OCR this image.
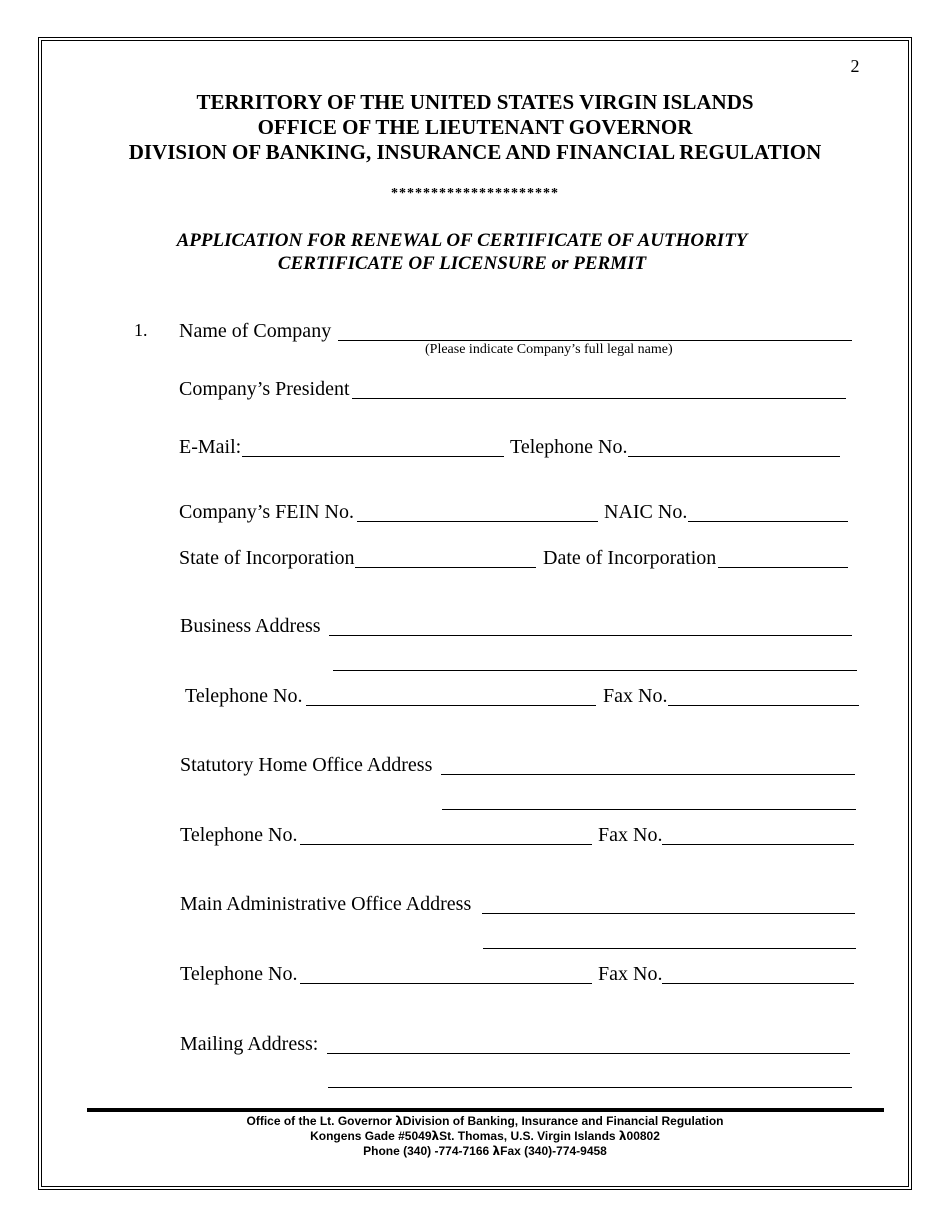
2
TERRITORY OF THE UNITED STATES VIRGIN ISLANDS
OFFICE OF THE LIEUTENANT GOVERNOR
DIVISION OF BANKING, INSURANCE AND FINANCIAL REGULATION
*********************
APPLICATION FOR RENEWAL OF CERTIFICATE OF AUTHORITY
CERTIFICATE OF LICENSURE or PERMIT
1. Name of Company
(Please indicate Company’s full legal name)
Company’s President
E-Mail:	Telephone No.
Company’s FEIN No.	NAIC No.
State of Incorporation	Date of Incorporation
Business Address
Telephone No.	Fax No.
Statutory Home Office Address
Telephone No.	Fax No.
Main Administrative Office Address
Telephone No.	Fax No.
Mailing Address:
Office of the Lt. Governor λDivision of Banking, Insurance and Financial Regulation
Kongens Gade #5049λSt. Thomas, U.S. Virgin Islands λ00802
Phone (340) -774-7166 λFax (340)-774-9458
